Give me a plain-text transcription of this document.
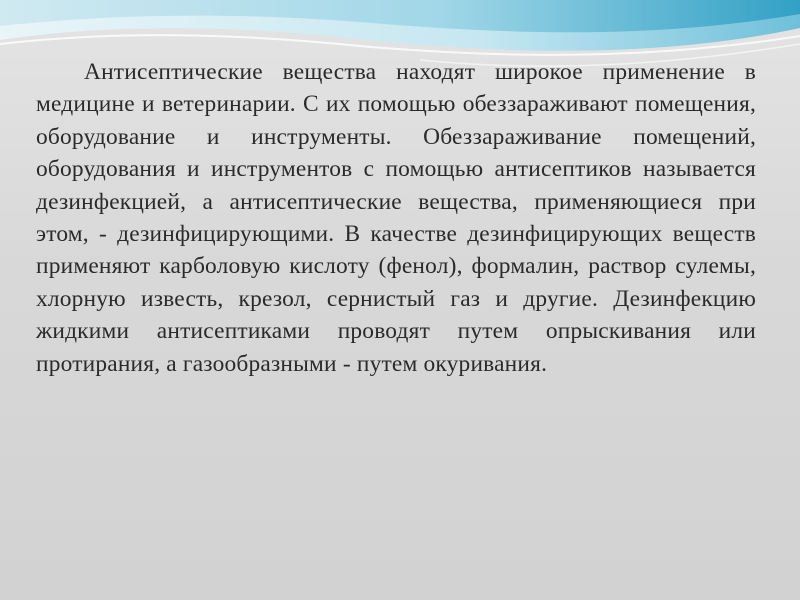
Антисептические вещества находят широкое применение в медицине и ветеринарии. С их помощью обеззараживают помещения, оборудование и инструменты. Обеззараживание помещений, оборудования и инструментов с помощью антисептиков называется дезинфекцией, а антисептические вещества, применяющиеся при этом, - дезинфицирующими. В качестве дезинфицирующих веществ применяют карболовую кислоту (фенол), формалин, раствор сулемы, хлорную известь, крезол, сернистый газ и другие. Дезинфекцию жидкими антисептиками проводят путем опрыскивания или протирания, а газообразными - путем окуривания.
